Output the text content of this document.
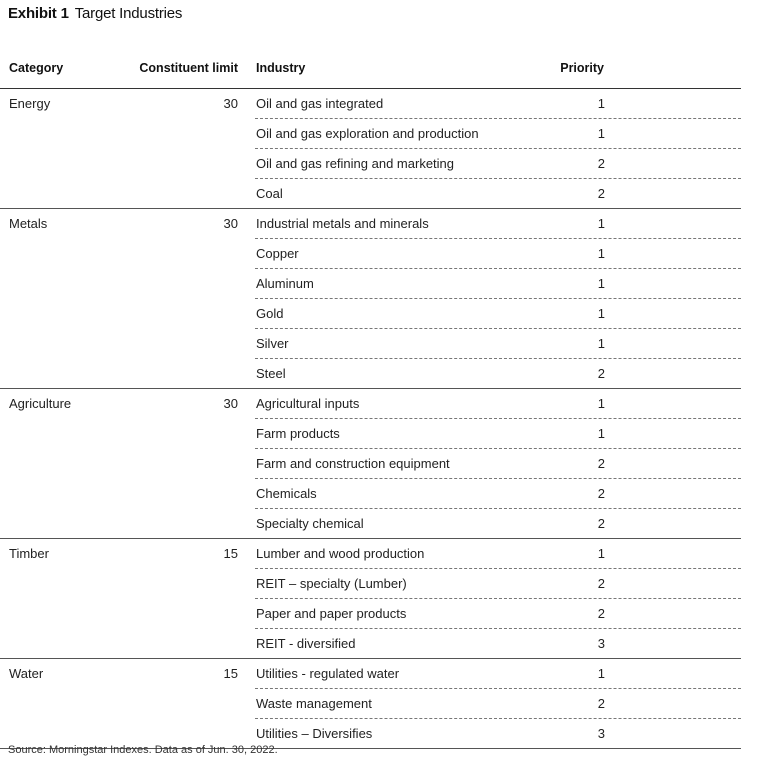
Exhibit 1 Target Industries
Category	Constituent limit Industry	Priority
Energy	30 Oil and gas integrated	1
Oil and gas exploration and production	1
Oil and gas refining and marketing	2
Coal	2
Metals	30 Industrial metals and minerals	1
Copper	1
Aluminum	1
Gold	1
Silver	1
Steel	2
Agriculture	30 Agricultural inputs	1
Farm products	1
Farm and construction equipment	2
Chemicals	2
Specialty chemical	2
Timber	15 Lumber and wood production	1
REIT – specialty (Lumber)	2
Paper and paper products	2
REIT - diversified	3
Water	15 Utilities - regulated water	1
Waste management	2
Utilities – Diversifies	3
Source: Morningstar Indexes. Data as of Jun. 30, 2022.
